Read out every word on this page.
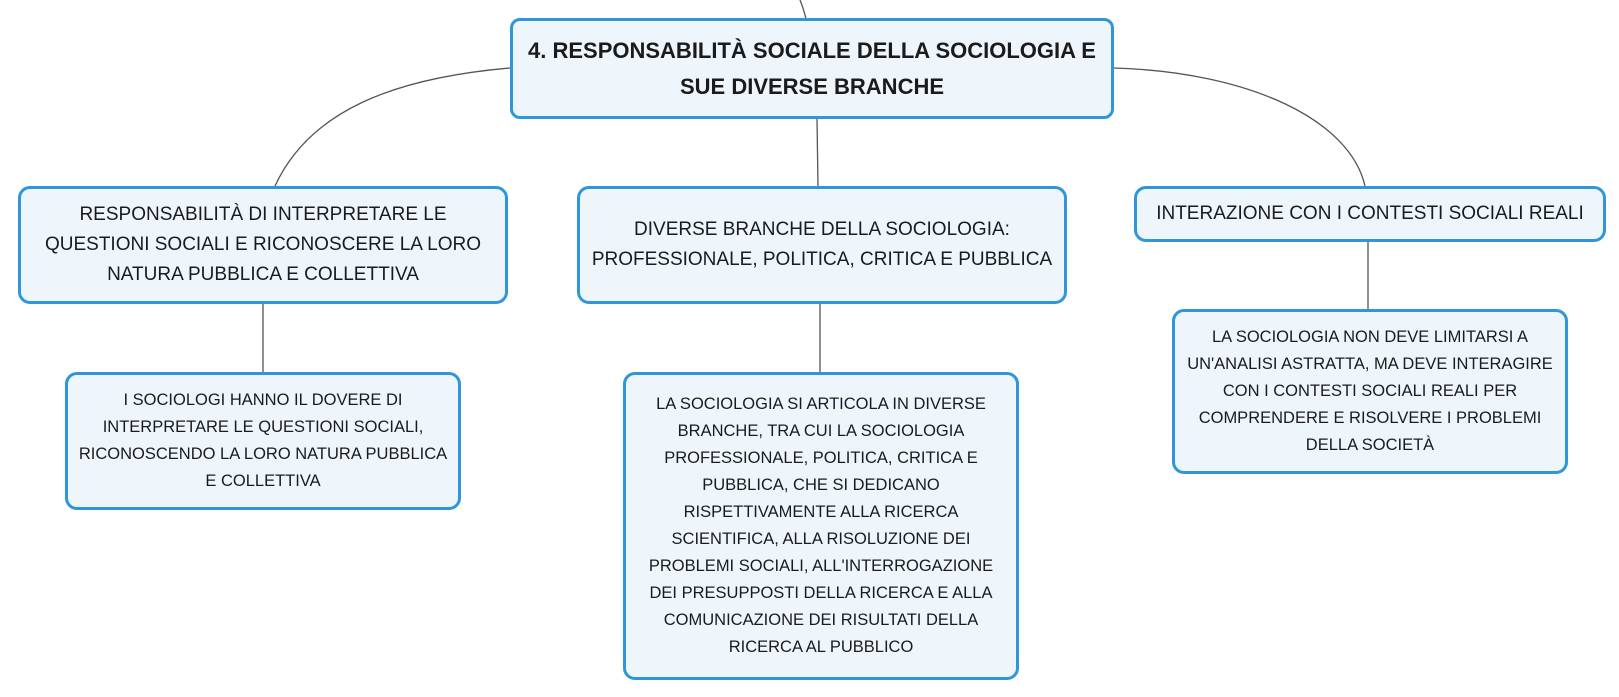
4. RESPONSABILITÀ SOCIALE DELLA SOCIOLOGIA E SUE DIVERSE BRANCHE
RESPONSABILITÀ DI INTERPRETARE LE QUESTIONI SOCIALI E RICONOSCERE LA LORO NATURA PUBBLICA E COLLETTIVA
DIVERSE BRANCHE DELLA SOCIOLOGIA: PROFESSIONALE, POLITICA, CRITICA E PUBBLICA
INTERAZIONE CON I CONTESTI SOCIALI REALI
I SOCIOLOGI HANNO IL DOVERE DI INTERPRETARE LE QUESTIONI SOCIALI, RICONOSCENDO LA LORO NATURA PUBBLICA E COLLETTIVA
LA SOCIOLOGIA SI ARTICOLA IN DIVERSE BRANCHE, TRA CUI LA SOCIOLOGIA PROFESSIONALE, POLITICA, CRITICA E PUBBLICA, CHE SI DEDICANO RISPETTIVAMENTE ALLA RICERCA SCIENTIFICA, ALLA RISOLUZIONE DEI PROBLEMI SOCIALI, ALL'INTERROGAZIONE DEI PRESUPPOSTI DELLA RICERCA E ALLA COMUNICAZIONE DEI RISULTATI DELLA RICERCA AL PUBBLICO
LA SOCIOLOGIA NON DEVE LIMITARSI A UN'ANALISI ASTRATTA, MA DEVE INTERAGIRE CON I CONTESTI SOCIALI REALI PER COMPRENDERE E RISOLVERE I PROBLEMI DELLA SOCIETÀ
